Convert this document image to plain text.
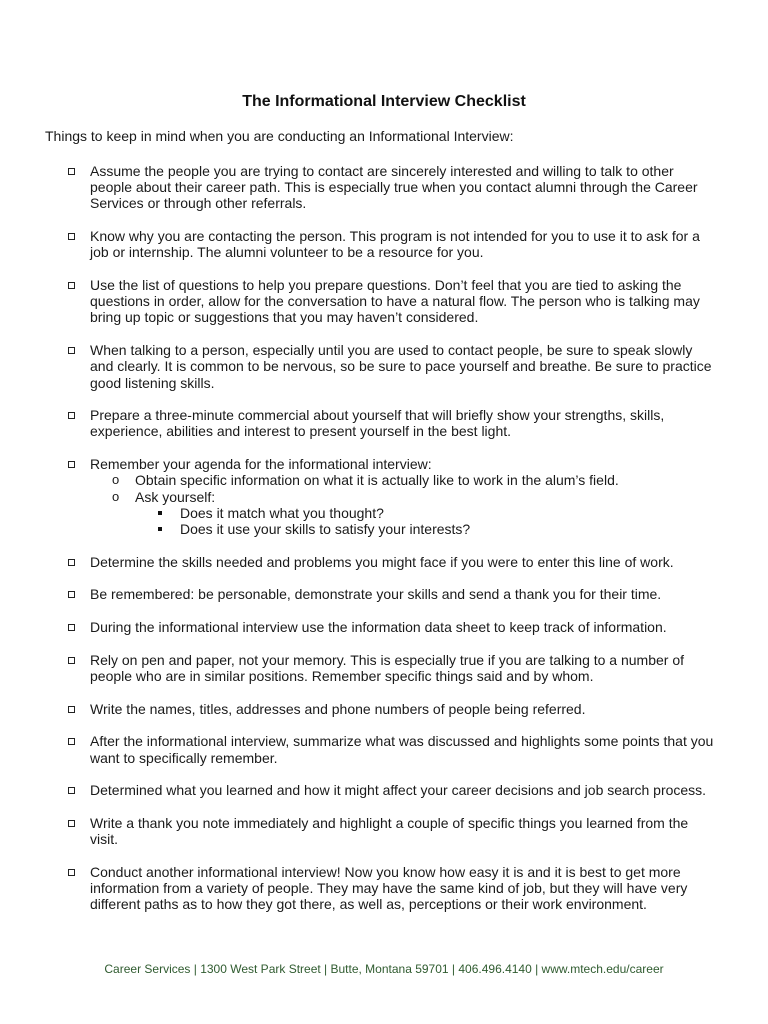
The Informational Interview Checklist
Things to keep in mind when you are conducting an Informational Interview:
Assume the people you are trying to contact are sincerely interested and willing to talk to other people about their career path. This is especially true when you contact alumni through the Career Services or through other referrals.
Know why you are contacting the person. This program is not intended for you to use it to ask for a job or internship. The alumni volunteer to be a resource for you.
Use the list of questions to help you prepare questions. Don’t feel that you are tied to asking the questions in order, allow for the conversation to have a natural flow. The person who is talking may bring up topic or suggestions that you may haven’t considered.
When talking to a person, especially until you are used to contact people, be sure to speak slowly and clearly. It is common to be nervous, so be sure to pace yourself and breathe. Be sure to practice good listening skills.
Prepare a three-minute commercial about yourself that will briefly show your strengths, skills, experience, abilities and interest to present yourself in the best light.
Remember your agenda for the informational interview:
o Obtain specific information on what it is actually like to work in the alum’s field.
o Ask yourself:
Does it match what you thought?
Does it use your skills to satisfy your interests?
Determine the skills needed and problems you might face if you were to enter this line of work.
Be remembered: be personable, demonstrate your skills and send a thank you for their time.
During the informational interview use the information data sheet to keep track of information.
Rely on pen and paper, not your memory. This is especially true if you are talking to a number of people who are in similar positions. Remember specific things said and by whom.
Write the names, titles, addresses and phone numbers of people being referred.
After the informational interview, summarize what was discussed and highlights some points that you want to specifically remember.
Determined what you learned and how it might affect your career decisions and job search process.
Write a thank you note immediately and highlight a couple of specific things you learned from the visit.
Conduct another informational interview! Now you know how easy it is and it is best to get more information from a variety of people. They may have the same kind of job, but they will have very different paths as to how they got there, as well as, perceptions or their work environment.
Career Services | 1300 West Park Street | Butte, Montana 59701 | 406.496.4140 | www.mtech.edu/career
